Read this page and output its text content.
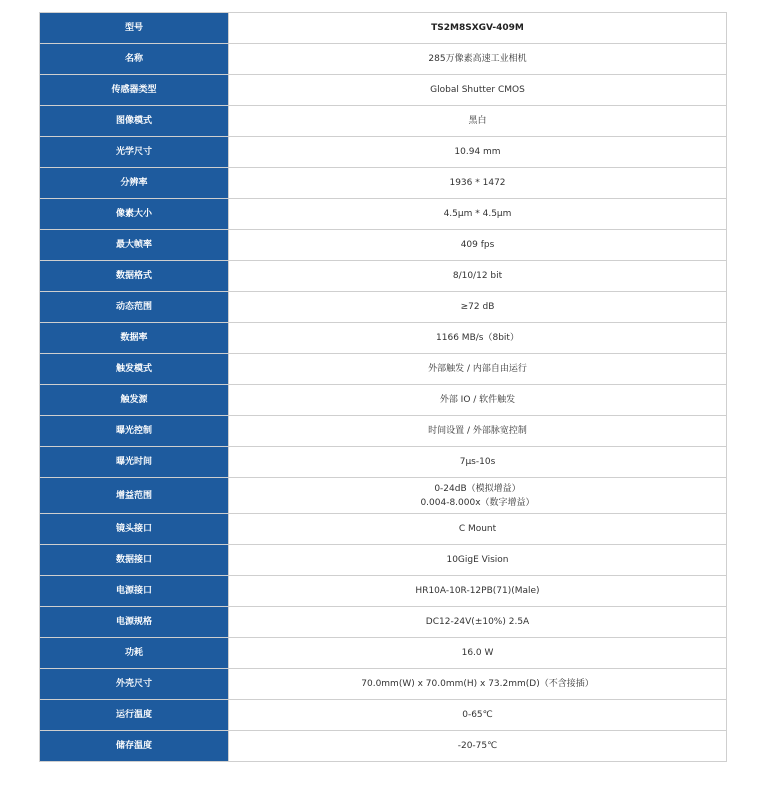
型号	TS2M8SXGV-409M
名称	285万像素高速工业相机
传感器类型	Global Shutter CMOS
图像模式	黑白
光学尺寸	10.94 mm
分辨率	1936 * 1472
像素大小	4.5μm * 4.5μm
最大帧率	409 fps
数据格式	8/10/12 bit
动态范围	≥72 dB
数据率	1166 MB/s（8bit）
触发模式	外部触发 / 内部自由运行
触发源	外部 IO / 软件触发
曝光控制	时间设置 / 外部脉宽控制
曝光时间	7μs-10s
增益范围	0-24dB（模拟增益）
0.004-8.000x（数字增益）

镜头接口	C Mount
数据接口	10GigE Vision
电源接口	HR10A-10R-12PB(71)(Male)
电源规格	DC12-24V(±10%) 2.5A
功耗	16.0 W
外壳尺寸	70.0mm(W) x 70.0mm(H) x 73.2mm(D)（不含接插）
运行温度	0-65℃
储存温度	-20-75℃
